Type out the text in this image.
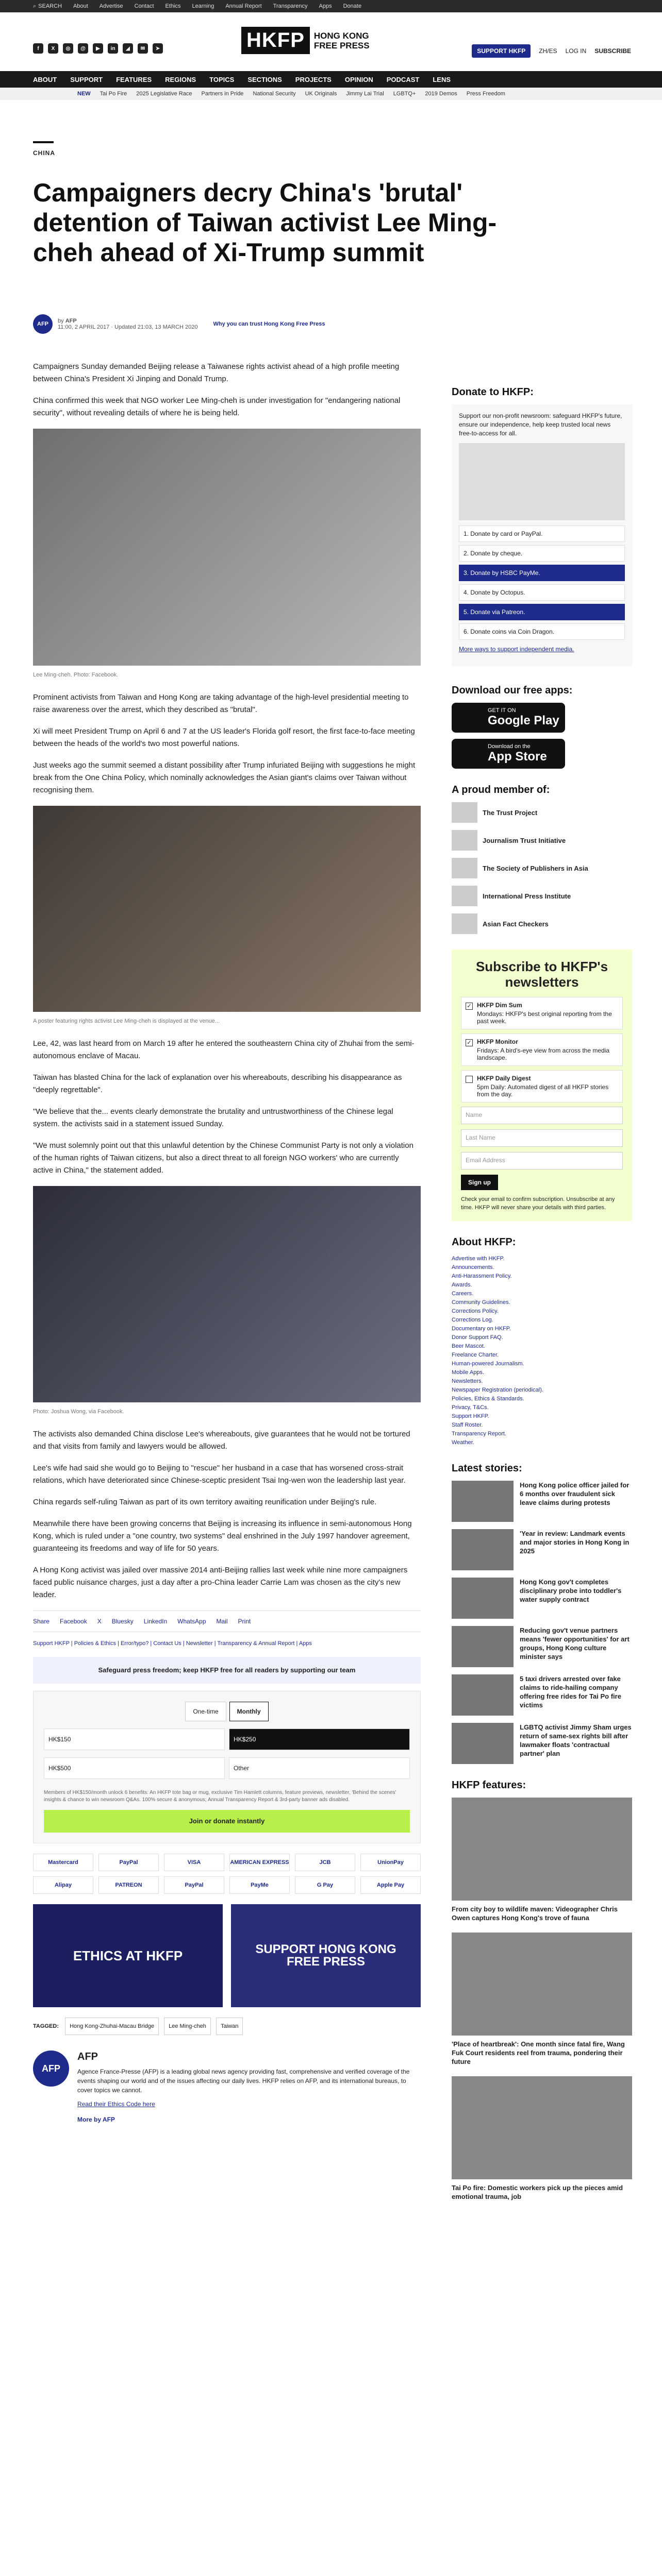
⌕ SEARCH About Advertise Contact Ethics Learning Annual Report Transparency Apps Donate
f	X	◎	@	▶	in	◢	✉	➤	HKFP	HONG KONG FREE PRESS
SUPPORT HKFP	ZH/ES LOG IN SUBSCRIBE
ABOUT SUPPORT FEATURES REGIONS TOPICS SECTIONS PROJECTS OPINION PODCAST LENS
NEW Tai Po Fire 2025 Legislative Race Partners in Pride National Security UK Originals Jimmy Lai Trial LGBTQ+ 2019 Demos Press Freedom
CHINA
Campaigners decry China's 'brutal' detention of Taiwan activist Lee Ming-cheh ahead of Xi-Trump summit
AFP	by AFP
11:00, 2 APRIL 2017 · Updated 21:03, 13 MARCH 2020	Why you can trust Hong Kong Free Press

Campaigners Sunday demanded Beijing release a Taiwanese rights activist ahead of a high profile meeting between China's President Xi Jinping and Donald Trump.

China confirmed this week that NGO worker Lee Ming-cheh is under investigation for "endangering national security", without revealing details of where he is being held.

Lee Ming-cheh. Photo: Facebook.

Prominent activists from Taiwan and Hong Kong are taking advantage of the high-level presidential meeting to raise awareness over the arrest, which they described as "brutal".

Xi will meet President Trump on April 6 and 7 at the US leader's Florida golf resort, the first face-to-face meeting between the heads of the world's two most powerful nations.

Just weeks ago the summit seemed a distant possibility after Trump infuriated Beijing with suggestions he might break from the One China Policy, which nominally acknowledges the Asian giant's claims over Taiwan without recognising them.

A poster featuring rights activist Lee Ming-cheh is displayed at the venue...

Lee, 42, was last heard from on March 19 after he entered the southeastern China city of Zhuhai from the semi-autonomous enclave of Macau.

Taiwan has blasted China for the lack of explanation over his whereabouts, describing his disappearance as "deeply regrettable".

"We believe that the... events clearly demonstrate the brutality and untrustworthiness of the Chinese legal system. the activists said in a statement issued Sunday.

"We must solemnly point out that this unlawful detention by the Chinese Communist Party is not only a violation of the human rights of Taiwan citizens, but also a direct threat to all foreign NGO workers' who are currently active in China," the statement added.

Photo: Joshua Wong, via Facebook.

The activists also demanded China disclose Lee's whereabouts, give guarantees that he would not be tortured and that visits from family and lawyers would be allowed.

Lee's wife had said she would go to Beijing to "rescue" her husband in a case that has worsened cross-strait relations, which have deteriorated since Chinese-sceptic president Tsai Ing-wen won the leadership last year.

China regards self-ruling Taiwan as part of its own territory awaiting reunification under Beijing's rule.

Meanwhile there have been growing concerns that Beijing is increasing its influence in semi-autonomous Hong Kong, which is ruled under a "one country, two systems" deal enshrined in the July 1997 handover agreement, guaranteeing its freedoms and way of life for 50 years.

A Hong Kong activist was jailed over massive 2014 anti-Beijing rallies last week while nine more campaigners faced public nuisance charges, just a day after a pro-China leader Carrie Lam was chosen as the city's new leader.

Share Facebook X Bluesky LinkedIn WhatsApp Mail Print
Support HKFP | Policies & Ethics | Error/typo? | Contact Us | Newsletter | Transparency & Annual Report | Apps
Safeguard press freedom; keep HKFP free for all readers by supporting our team
One-time	Monthly
HK$150	HK$250
HK$500	Other

Members of HK$150/month unlock 6 benefits: An HKFP tote bag or mug, exclusive Tim Hamlett columns, feature previews, newsletter, 'Behind the scenes' insights & chance to win newsroom Q&As. 100% secure & anonymous; Annual Transparency Report & 3rd-party banner ads disabled.

Join or donate instantly
Mastercard	PayPal	VISA	AMERICAN EXPRESS	JCB	UnionPay
Alipay	PATREON	PayPal	PayMe	G Pay	Apple Pay
ETHICS AT HKFP	SUPPORT HONG KONG FREE PRESS
TAGGED: Hong Kong-Zhuhai-Macau Bridge	Lee Ming-cheh	Taiwan
AFP
AFP

Agence France-Presse (AFP) is a leading global news agency providing fast, comprehensive and verified coverage of the events shaping our world and of the issues affecting our daily lives. HKFP relies on AFP, and its international bureaus, to cover topics we cannot.

Read their Ethics Code here
More by AFP
Donate to HKFP:

Support our non-profit newsroom: safeguard HKFP's future, ensure our independence, help keep trusted local news free-to-access for all.

1. Donate by card or PayPal.
2. Donate by cheque.
3. Donate by HSBC PayMe.
4. Donate by Octopus.
5. Donate via Patreon.
6. Donate coins via Coin Dragon.

More ways to support independent media.

Download our free apps:
GET IT ON
Google Play
Download on the
App Store
A proud member of:
The Trust Project
Journalism Trust Initiative
The Society of Publishers in Asia
International Press Institute
Asian Fact Checkers
Subscribe to HKFP's newsletters
✓ HKFP Dim Sum
Mondays: HKFP's best original reporting from the past week.
✓ HKFP Monitor
Fridays: A bird's-eye view from across the media landscape.
HKFP Daily Digest
5pm Daily: Automated digest of all HKFP stories from the day.
Name
Last Name
Email Address
Sign up

Check your email to confirm subscription. Unsubscribe at any time. HKFP will never share your details with third parties.

About HKFP:
Advertise with HKFP.
Announcements.
Anti-Harassment Policy.
Awards.
Careers.
Community Guidelines.
Corrections Policy.
Corrections Log.
Documentary on HKFP.
Donor Support FAQ.
Beer Mascot.
Freelance Charter.
Human-powered Journalism.
Mobile Apps.
Newsletters.
Newspaper Registration (periodical).
Policies, Ethics & Standards.
Privacy, T&Cs.
Support HKFP.
Staff Roster.
Transparency Report.
Weather.
Latest stories:
Hong Kong police officer jailed for 6 months over fraudulent sick leave claims during protests
'Year in review: Landmark events and major stories in Hong Kong in 2025
Hong Kong gov't completes disciplinary probe into toddler's water supply contract
Reducing gov't venue partners means 'fewer opportunities' for art groups, Hong Kong culture minister says
5 taxi drivers arrested over fake claims to ride-hailing company offering free rides for Tai Po fire victims
LGBTQ activist Jimmy Sham urges return of same-sex rights bill after lawmaker floats 'contractual partner' plan
HKFP features:
From city boy to wildlife maven: Videographer Chris Owen captures Hong Kong's trove of fauna
'Place of heartbreak': One month since fatal fire, Wang Fuk Court residents reel from trauma, pondering their future
Tai Po fire: Domestic workers pick up the pieces amid emotional trauma, job
